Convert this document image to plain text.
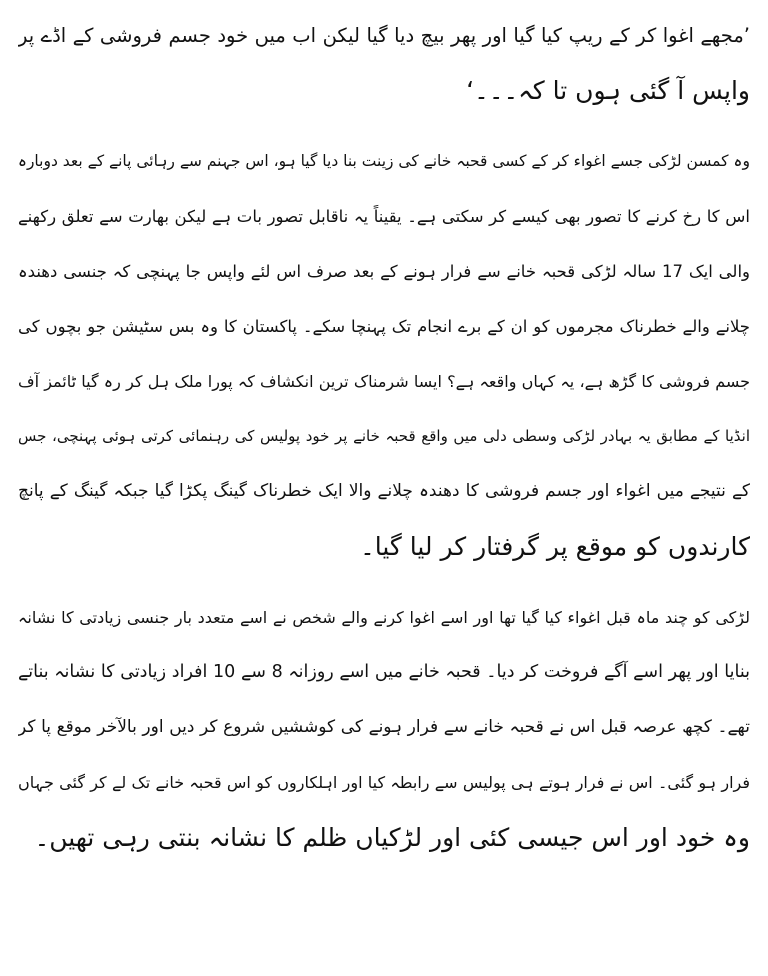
’مجھے اغوا کر کے ریپ کیا گیا اور پھر بیچ دیا گیا لیکن اب میں خود جسم فروشی کے اڈے پر
واپس آ گئی ہوں تا کہ۔۔۔‘
وہ کمسن لڑکی جسے اغواء کر کے کسی قحبہ خانے کی زینت بنا دیا گیا ہو، اس جہنم سے رہائی پانے کے بعد دوبارہ
اس کا رخ کرنے کا تصور بھی کیسے کر سکتی ہے۔ یقیناً یہ ناقابل تصور بات ہے لیکن بھارت سے تعلق رکھنے
والی ایک 17 سالہ لڑکی قحبہ خانے سے فرار ہونے کے بعد صرف اس لئے واپس جا پہنچی کہ جنسی دھندہ
چلانے والے خطرناک مجرموں کو ان کے برے انجام تک پہنچا سکے۔ پاکستان کا وہ بس سٹیشن جو بچوں کی
جسم فروشی کا گڑھ ہے، یہ کہاں واقعہ ہے؟ ایسا شرمناک ترین انکشاف کہ پورا ملک ہل کر رہ گیا ٹائمز آف
انڈیا کے مطابق یہ بہادر لڑکی وسطی دلی میں واقع قحبہ خانے پر خود پولیس کی رہنمائی کرتی ہوئی پہنچی، جس
کے نتیجے میں اغواء اور جسم فروشی کا دھندہ چلانے والا ایک خطرناک گینگ پکڑا گیا جبکہ گینگ کے پانچ
کارندوں کو موقع پر گرفتار کر لیا گیا۔
لڑکی کو چند ماہ قبل اغواء کیا گیا تھا اور اسے اغوا کرنے والے شخص نے اسے متعدد بار جنسی زیادتی کا نشانہ
بنایا اور پھر اسے آگے فروخت کر دیا۔ قحبہ خانے میں اسے روزانہ 8 سے 10 افراد زیادتی کا نشانہ بناتے
تھے۔ کچھ عرصہ قبل اس نے قحبہ خانے سے فرار ہونے کی کوششیں شروع کر دیں اور بالآخر موقع پا کر
فرار ہو گئی۔ اس نے فرار ہوتے ہی پولیس سے رابطہ کیا اور اہلکاروں کو اس قحبہ خانے تک لے کر گئی جہاں
وہ خود اور اس جیسی کئی اور لڑکیاں ظلم کا نشانہ بنتی رہی تھیں۔
